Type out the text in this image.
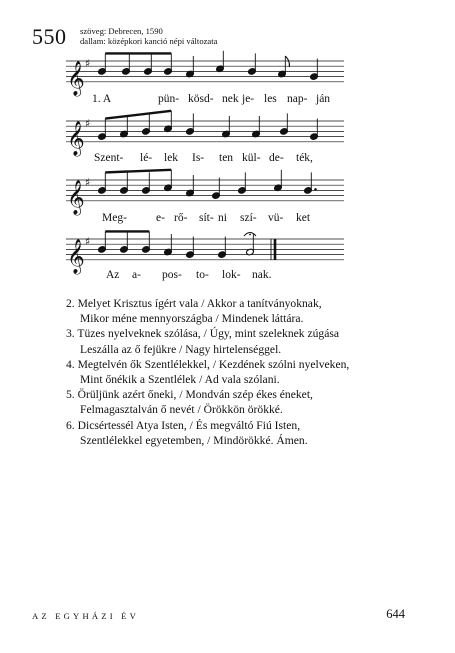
550 szöveg: Debrecen, 1590
dallam: középkori kanció népi változata
𝄞 ♯
𝄞 ♯
𝄞 ♯
𝄞 ♯
1. A	pün- kösd- nek je- les nap- ján
Szent- lé- lek Is- ten kül- de- ték,
Meg-	e- rő- sít- ni szí- vü- ket
Az a- pos- to- lok- nak.
2. Melyet Krisztus ígért vala / Akkor a tanítványoknak,
Mikor méne mennyországba / Mindenek láttára.
3. Tüzes nyelveknek szólása, / Úgy, mint szeleknek zúgása
Leszálla az ő fejükre / Nagy hirtelenséggel.
4. Megtelvén ők Szentlélekkel, / Kezdének szólni nyelveken,
Mint őnékik a Szentlélek / Ad vala szólani.
5. Örüljünk azért őneki, / Mondván szép ékes éneket,
Felmagasztalván ő nevét / Örökkön örökké.
6. Dicsértessél Atya Isten, / És megváltó Fiú Isten,
Szentlélekkel egyetemben, / Mindörökké. Ámen.
AZ EGYHÁZI ÉV	644
